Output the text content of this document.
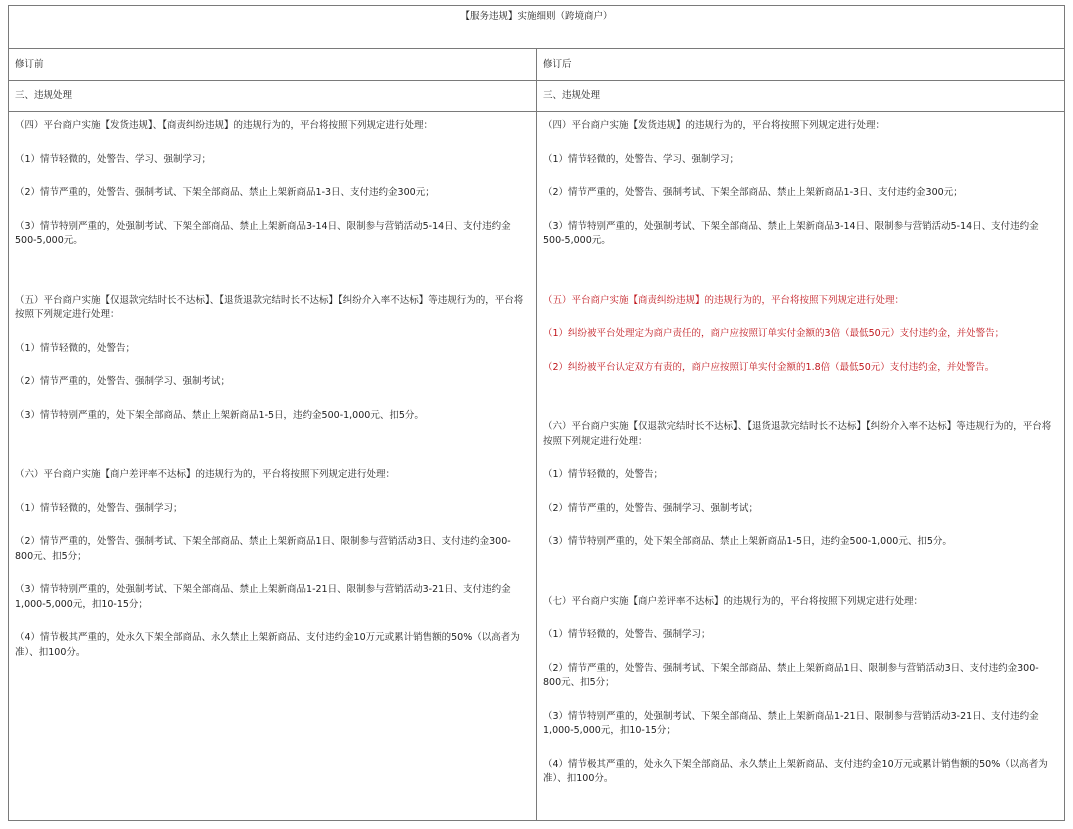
【服务违规】实施细则（跨境商户）
修订前	修订后
三、违规处理	三、违规处理

（四）平台商户实施【发货违规】、【商责纠纷违规】的违规行为的，平台将按照下列规定进行处理：

（1）情节轻微的，处警告、学习、强制学习；

（2）情节严重的，处警告、强制考试、下架全部商品、禁止上架新商品1-3日、支付违约金300元；

（3）情节特别严重的，处强制考试、下架全部商品、禁止上架新商品3-14日、限制参与营销活动5-14日、支付违约金500-5,000元。

（五）平台商户实施【仅退款完结时长不达标】、【退货退款完结时长不达标】【纠纷介入率不达标】等违规行为的，平台将按照下列规定进行处理：

（1）情节轻微的，处警告；

（2）情节严重的，处警告、强制学习、强制考试；

（3）情节特别严重的，处下架全部商品、禁止上架新商品1-5日，违约金500-1,000元、扣5分。

（六）平台商户实施【商户差评率不达标】的违规行为的，平台将按照下列规定进行处理：

（1）情节轻微的，处警告、强制学习；

（2）情节严重的，处警告、强制考试、下架全部商品、禁止上架新商品1日、限制参与营销活动3日、支付违约金300-800元、扣5分；

（3）情节特别严重的，处强制考试、下架全部商品、禁止上架新商品1-21日、限制参与营销活动3-21日、支付违约金1,000-5,000元，扣10-15分；

（4）情节极其严重的，处永久下架全部商品、永久禁止上架新商品、支付违约金10万元或累计销售额的50%（以高者为准）、扣100分。

（四）平台商户实施【发货违规】的违规行为的，平台将按照下列规定进行处理：

（1）情节轻微的，处警告、学习、强制学习；

（2）情节严重的，处警告、强制考试、下架全部商品、禁止上架新商品1-3日、支付违约金300元；

（3）情节特别严重的，处强制考试、下架全部商品、禁止上架新商品3-14日、限制参与营销活动5-14日、支付违约金500-5,000元。

（五）平台商户实施【商责纠纷违规】的违规行为的，平台将按照下列规定进行处理：

（1）纠纷被平台处理定为商户责任的，商户应按照订单实付金额的3倍（最低50元）支付违约金，并处警告；

（2）纠纷被平台认定双方有责的，商户应按照订单实付金额的1.8倍（最低50元）支付违约金，并处警告。

（六）平台商户实施【仅退款完结时长不达标】、【退货退款完结时长不达标】【纠纷介入率不达标】等违规行为的，平台将按照下列规定进行处理：

（1）情节轻微的，处警告；

（2）情节严重的，处警告、强制学习、强制考试；

（3）情节特别严重的，处下架全部商品、禁止上架新商品1-5日，违约金500-1,000元、扣5分。

（七）平台商户实施【商户差评率不达标】的违规行为的，平台将按照下列规定进行处理：

（1）情节轻微的，处警告、强制学习；

（2）情节严重的，处警告、强制考试、下架全部商品、禁止上架新商品1日、限制参与营销活动3日、支付违约金300-800元、扣5分；

（3）情节特别严重的，处强制考试、下架全部商品、禁止上架新商品1-21日、限制参与营销活动3-21日、支付违约金1,000-5,000元，扣10-15分；

（4）情节极其严重的，处永久下架全部商品、永久禁止上架新商品、支付违约金10万元或累计销售额的50%（以高者为准）、扣100分。
